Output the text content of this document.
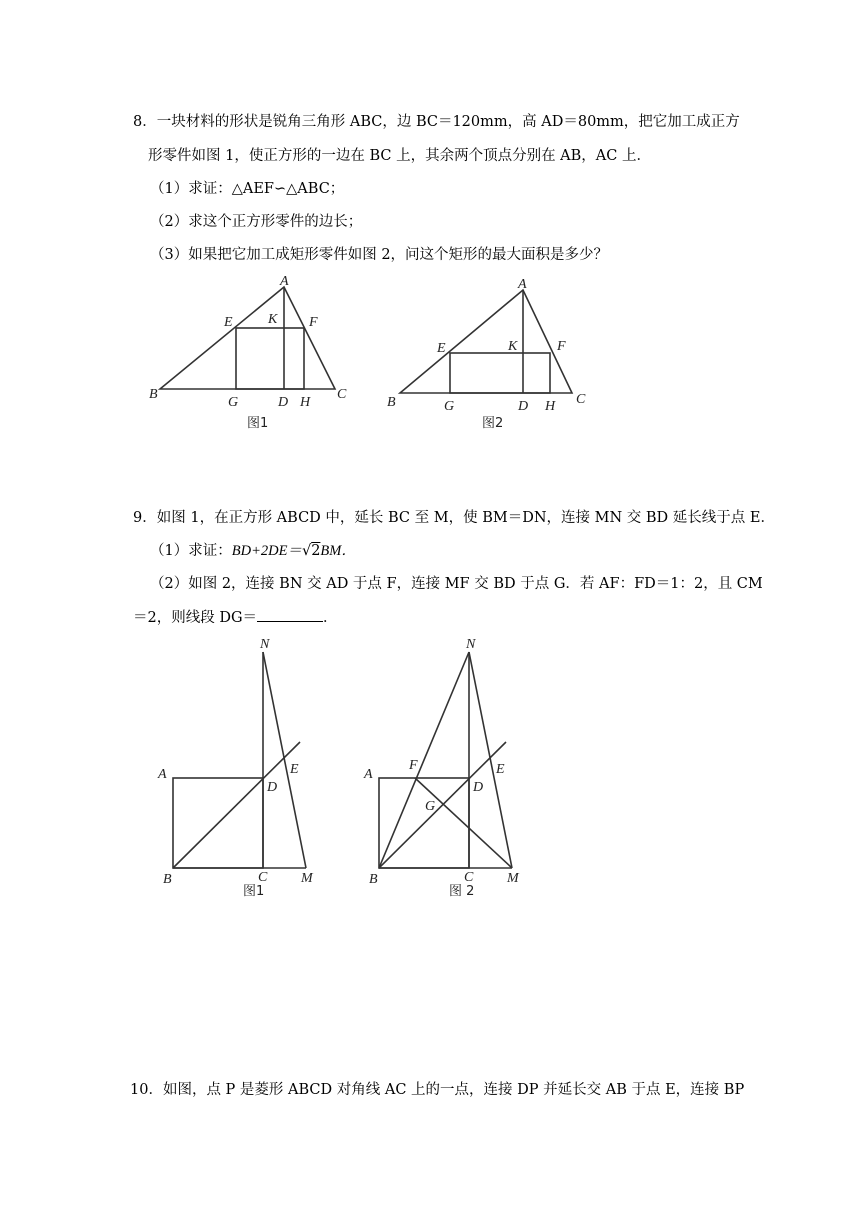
8．一块材料的形状是锐角三角形 ABC，边 BC＝120mm，高 AD＝80mm，把它加工成正方
形零件如图 1，使正方形的一边在 BC 上，其余两个顶点分别在 AB，AC 上．
（1）求证：△AEF∽△ABC；
（2）求这个正方形零件的边长；
（3）如果把它加工成矩形零件如图 2，问这个矩形的最大面积是多少？
A
B	C
D
E	F
G	H
K
图1
A
B	C
D
E	F
G	H
K
图2
9．如图 1，在正方形 ABCD 中，延长 BC 至 M，使 BM＝DN，连接 MN 交 BD 延长线于点 E．
（1）求证：BD+2DE＝√2BM．
（2）如图 2，连接 BN 交 AD 于点 F，连接 MF 交 BD 于点 G．若 AF：FD＝1：2，且 CM
＝2，则线段 DG＝	．
N
A
B	C
D
E
M
图1
N
A
B	C
D
E
F
G
M
图 2
10．如图，点 P 是菱形 ABCD 对角线 AC 上的一点，连接 DP 并延长交 AB 于点 E，连接 BP
